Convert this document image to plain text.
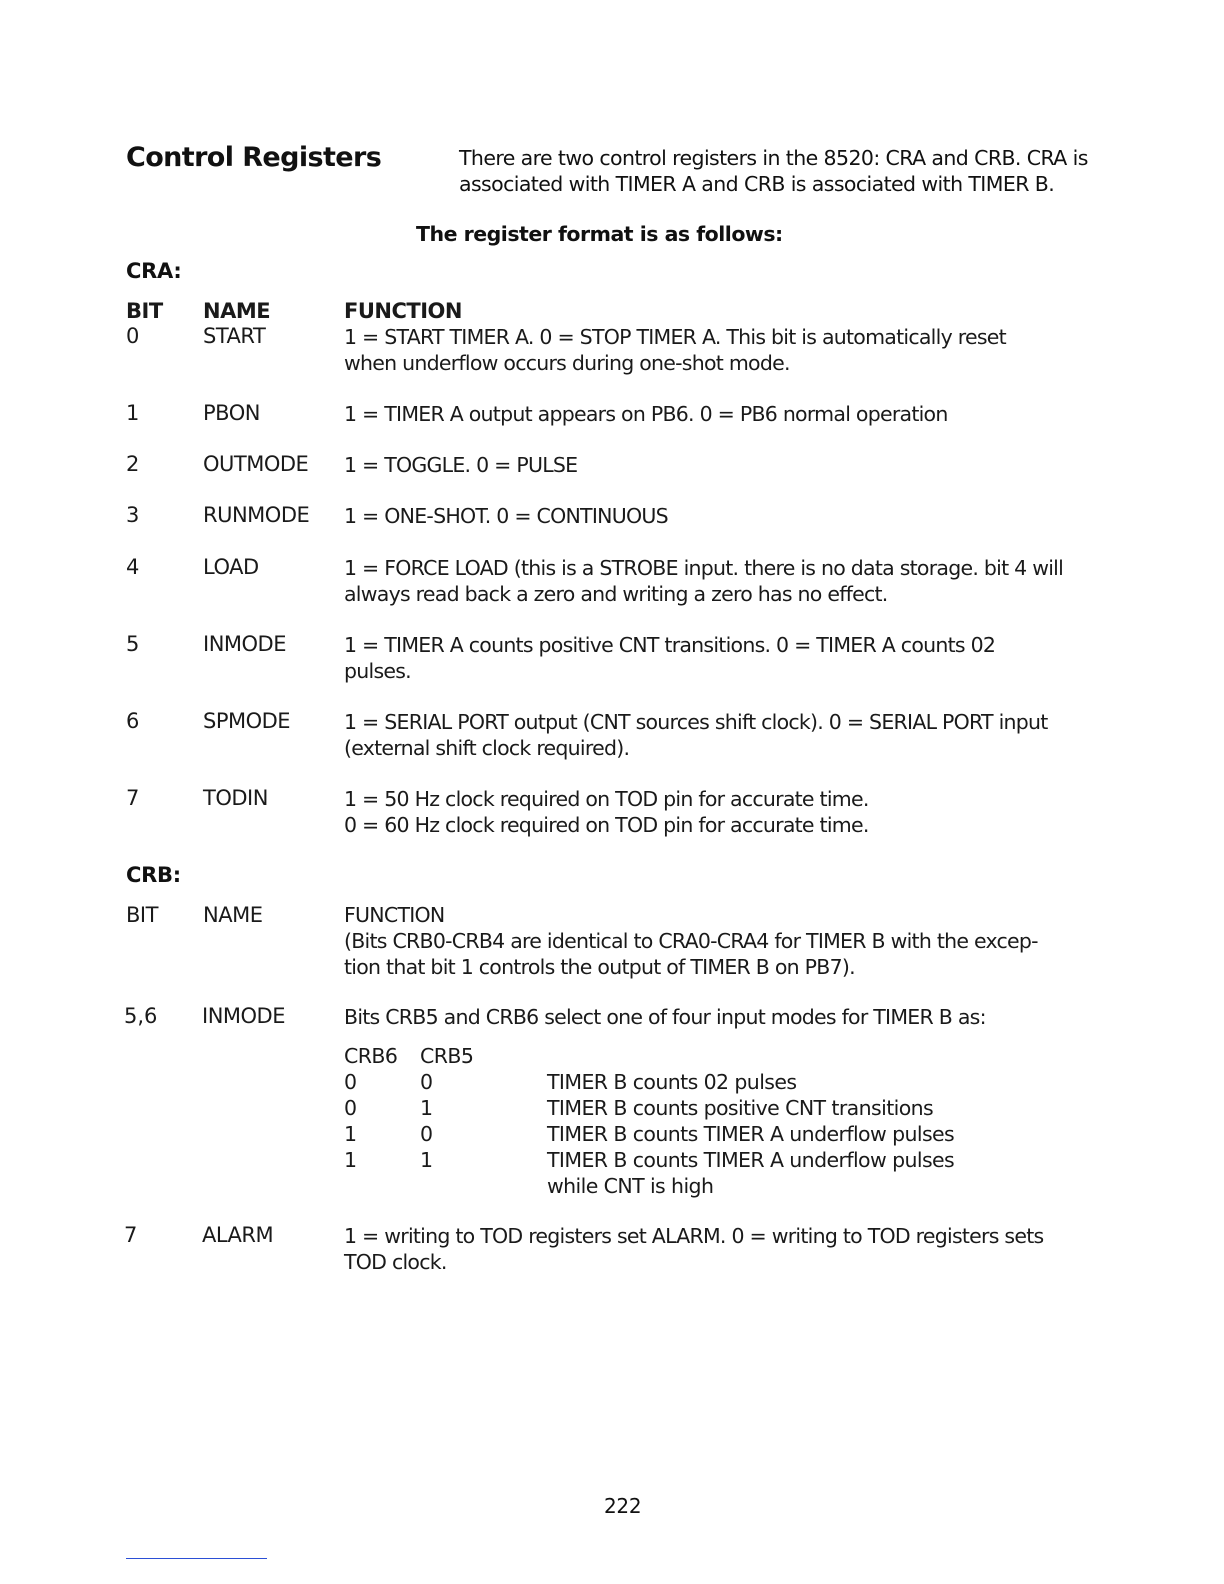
Control Registers	There are two control registers in the 8520: CRA and CRB. CRA is
associated with TIMER A and CRB is associated with TIMER B.
The register format is as follows:
CRA:
BIT NAME	FUNCTION
0	START	1 = START TIMER A. 0 = STOP TIMER A. This bit is automatically reset
when underflow occurs during one-shot mode.
1	PBON	1 = TIMER A output appears on PB6. 0 = PB6 normal operation
2	OUTMODE 1 = TOGGLE. 0 = PULSE
3	RUNMODE 1 = ONE-SHOT. 0 = CONTINUOUS
4	LOAD	1 = FORCE LOAD (this is a STROBE input. there is no data storage. bit 4 will
always read back a zero and writing a zero has no effect.
5	INMODE	1 = TIMER A counts positive CNT transitions. 0 = TIMER A counts 02
pulses.
6	SPMODE	1 = SERIAL PORT output (CNT sources shift clock). 0 = SERIAL PORT input
(external shift clock required).
7	TODIN	1 = 50 Hz clock required on TOD pin for accurate time.
0 = 60 Hz clock required on TOD pin for accurate time.
CRB:
BIT NAME	FUNCTION
(Bits CRB0-CRB4 are identical to CRA0-CRA4 for TIMER B with the excep-
tion that bit 1 controls the output of TIMER B on PB7).
5,6 INMODE	Bits CRB5 and CRB6 select one of four input modes for TIMER B as:
CRB6 CRB5
0	0	TIMER B counts 02 pulses
0	1	TIMER B counts positive CNT transitions
1	0	TIMER B counts TIMER A underflow pulses
1	1	TIMER B counts TIMER A underflow pulses
while CNT is high
7	ALARM	1 = writing to TOD registers set ALARM. 0 = writing to TOD registers sets
TOD clock.
222
